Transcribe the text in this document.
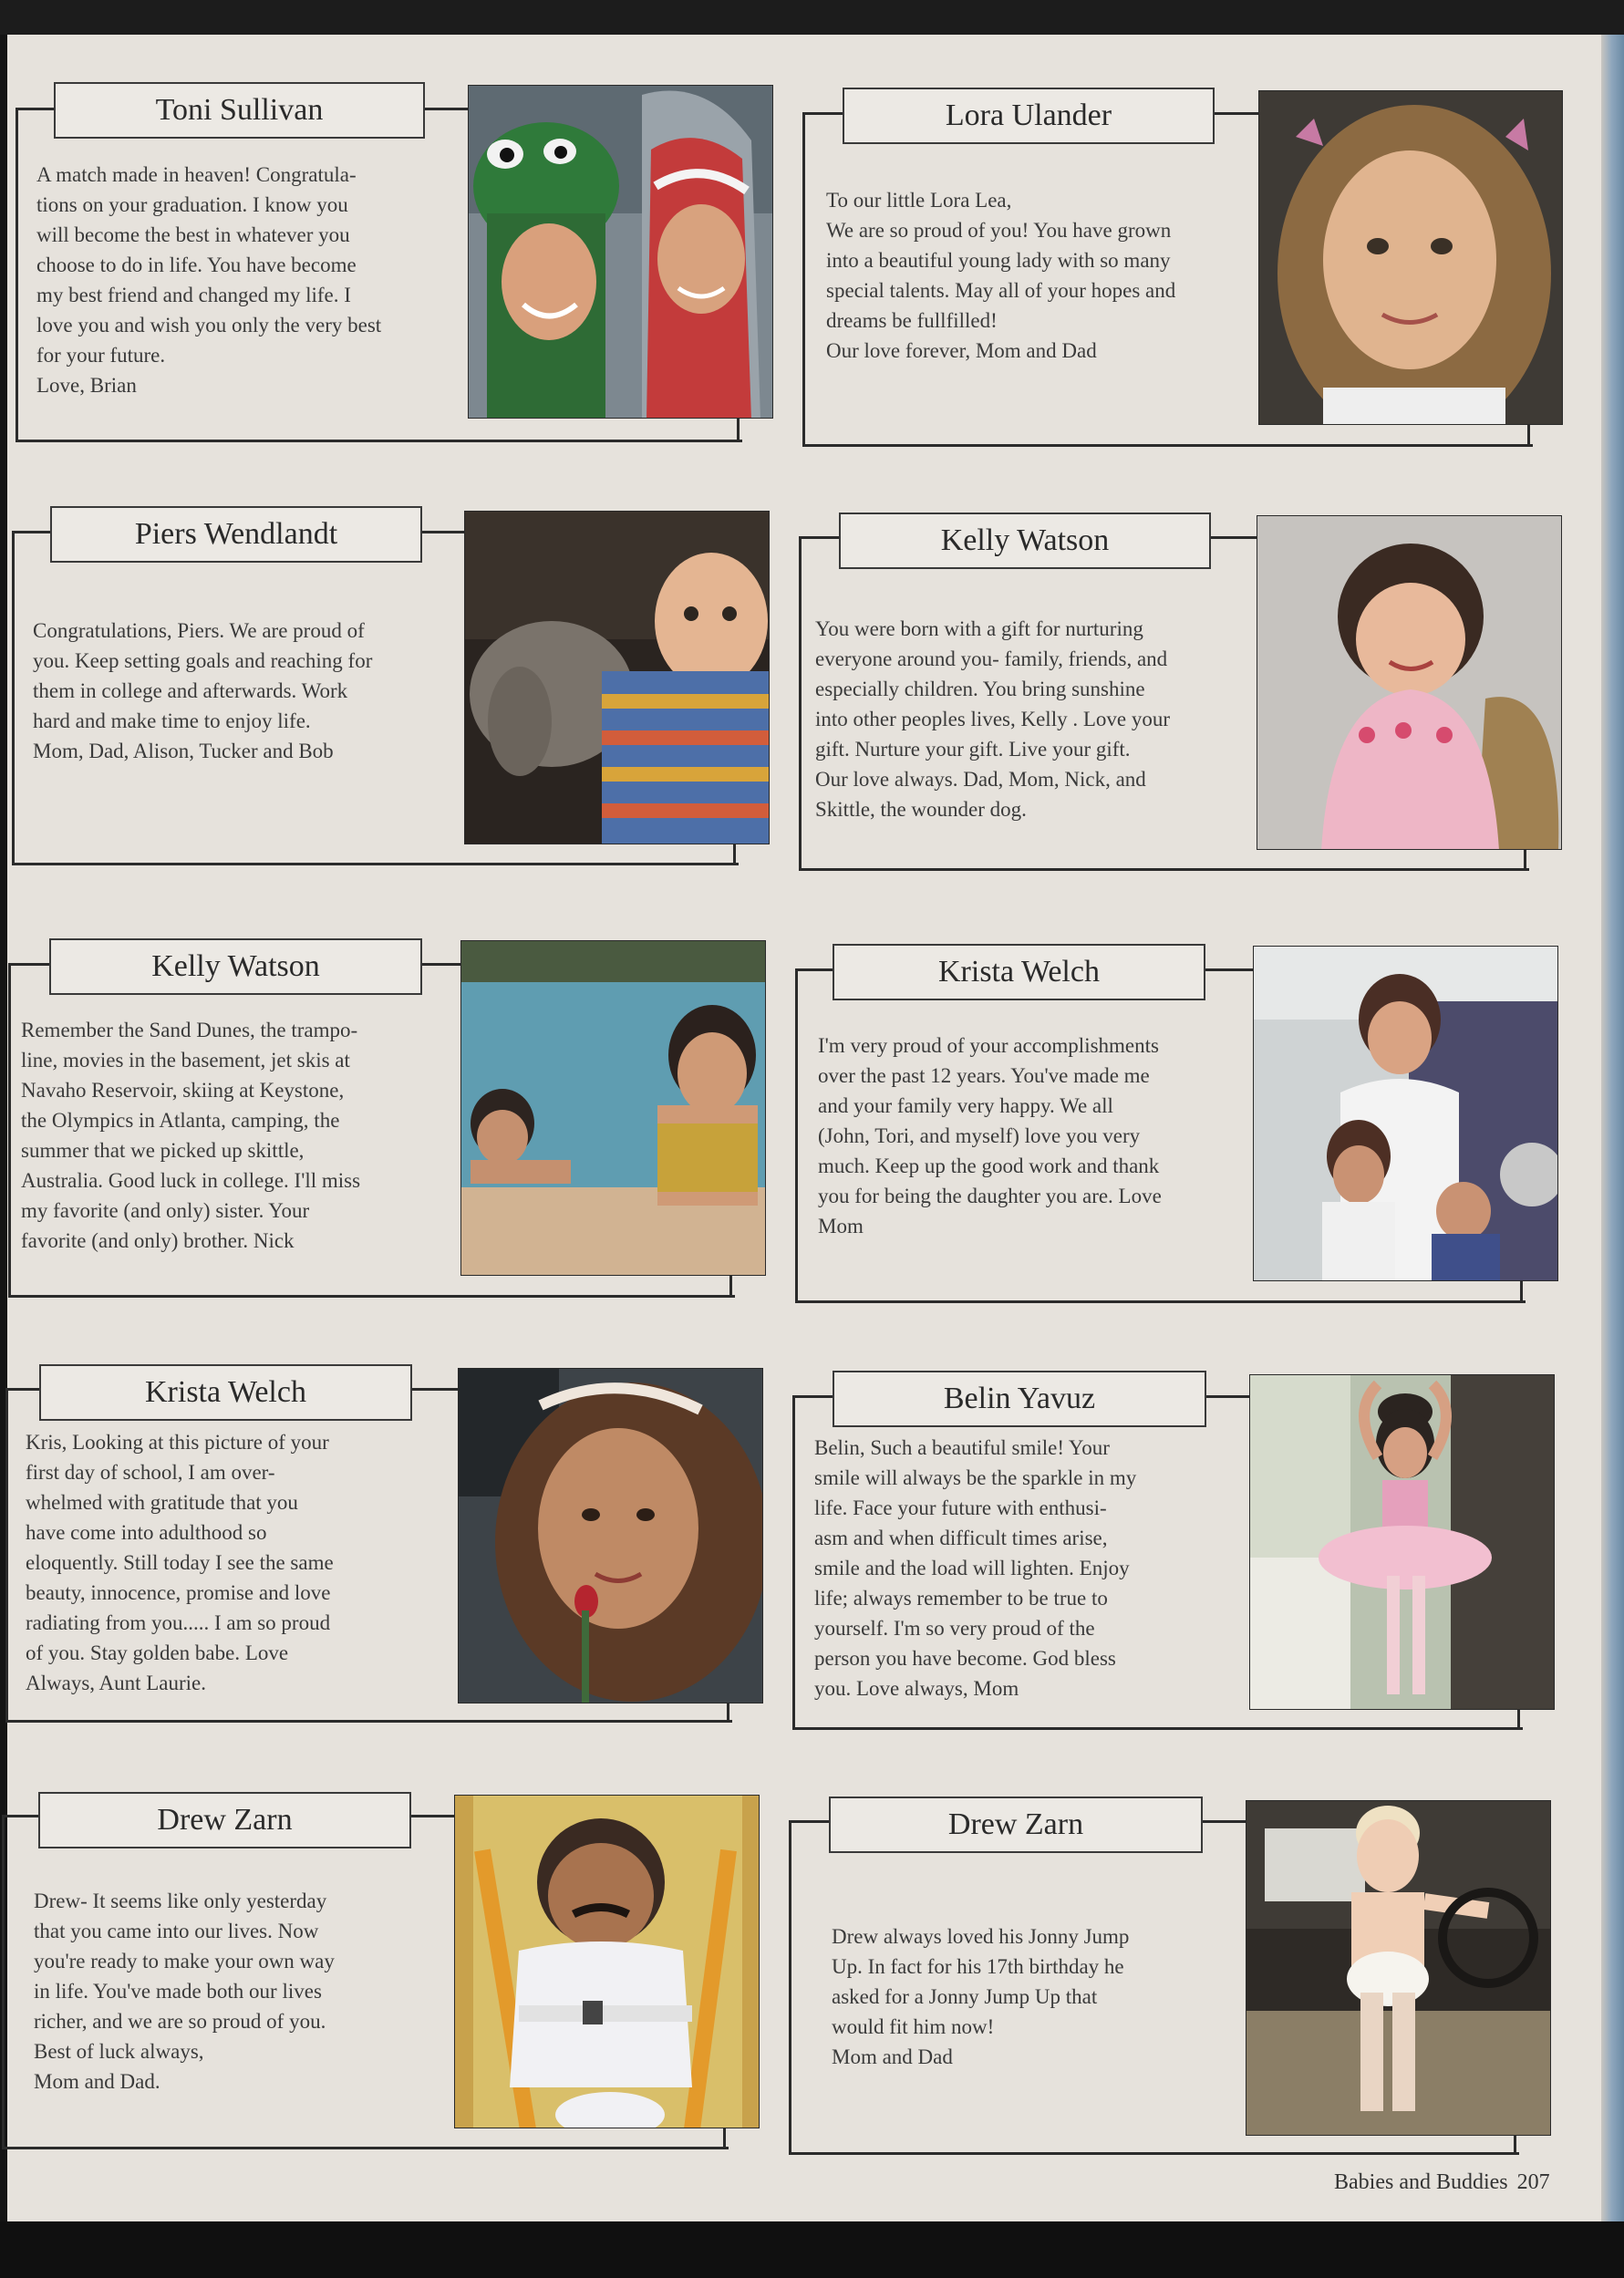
Toni Sullivan
A match made in heaven! Congratula-
tions on your graduation. I know you
will become the best in whatever you
choose to do in life. You have become
my best friend and changed my life. I
love you and wish you only the very best
for your future.
Love, Brian
Lora Ulander
To our little Lora Lea,
We are so proud of you! You have grown
into a beautiful young lady with so many
special talents. May all of your hopes and
dreams be fullfilled!
Our love forever, Mom and Dad
Piers Wendlandt
Congratulations, Piers. We are proud of
you. Keep setting goals and reaching for
them in college and afterwards. Work
hard and make time to enjoy life.
Mom, Dad, Alison, Tucker and Bob
Kelly Watson
You were born with a gift for nurturing
everyone around you- family, friends, and
especially children. You bring sunshine
into other peoples lives, Kelly . Love your
gift. Nurture your gift. Live your gift.
Our love always. Dad, Mom, Nick, and
Skittle, the wounder dog.
Kelly Watson
Remember the Sand Dunes, the trampo-
line, movies in the basement, jet skis at
Navaho Reservoir, skiing at Keystone,
the Olympics in Atlanta, camping, the
summer that we picked up skittle,
Australia. Good luck in college. I'll miss
my favorite (and only) sister. Your
favorite (and only) brother. Nick
Krista Welch
I'm very proud of your accomplishments
over the past 12 years. You've made me
and your family very happy. We all
(John, Tori, and myself) love you very
much. Keep up the good work and thank
you for being the daughter you are. Love
Mom
Krista Welch
Kris, Looking at this picture of your
first day of school, I am over-
whelmed with gratitude that you
have come into adulthood so
eloquently. Still today I see the same
beauty, innocence, promise and love
radiating from you..... I am so proud
of you. Stay golden babe. Love
Always, Aunt Laurie.
Belin Yavuz
Belin, Such a beautiful smile! Your
smile will always be the sparkle in my
life. Face your future with enthusi-
asm and when difficult times arise,
smile and the load will lighten. Enjoy
life; always remember to be true to
yourself. I'm so very proud of the
person you have become. God bless
you. Love always, Mom
Drew Zarn
Drew- It seems like only yesterday
that you came into our lives. Now
you're ready to make your own way
in life. You've made both our lives
richer, and we are so proud of you.
Best of luck always,
Mom and Dad.
Drew Zarn
Drew always loved his Jonny Jump
Up. In fact for his 17th birthday he
asked for a Jonny Jump Up that
would fit him now!
Mom and Dad
Babies and Buddies 207
